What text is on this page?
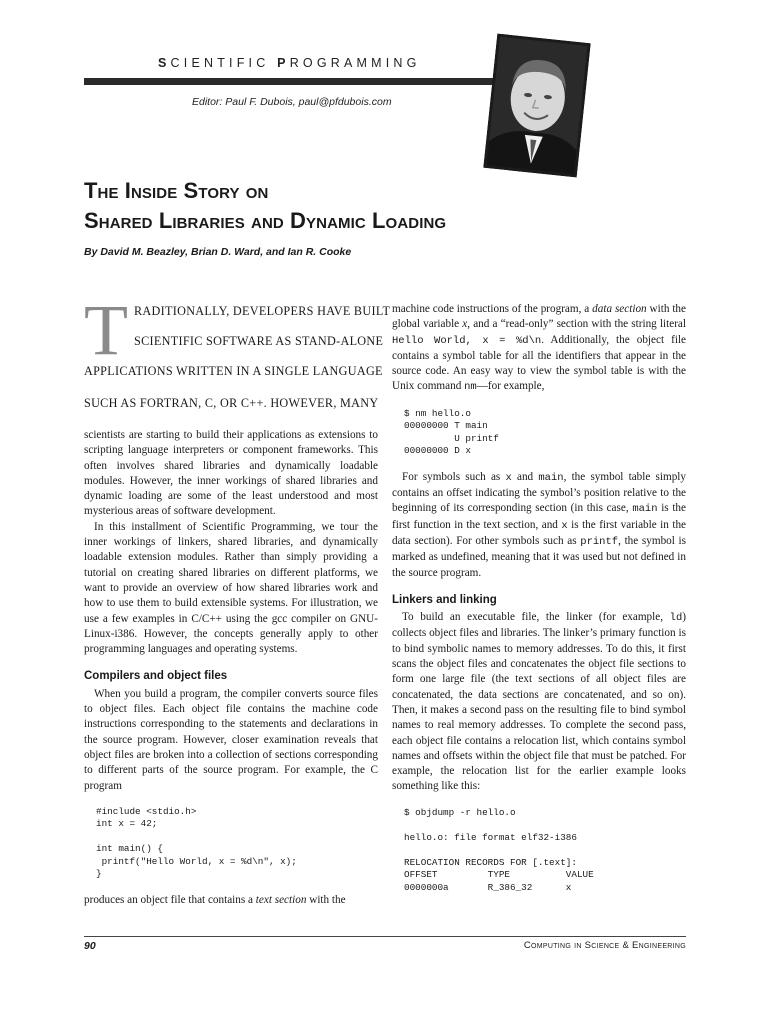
SCIENTIFIC PROGRAMMING
Editor: Paul F. Dubois, paul@pfdubois.com
The Inside Story on
Shared Libraries and Dynamic Loading
By David M. Beazley, Brian D. Ward, and Ian R. Cooke
T RADITIONALLY, DEVELOPERS HAVE BUILT
SCIENTIFIC SOFTWARE AS STAND-ALONE
APPLICATIONS WRITTEN IN A SINGLE LANGUAGE
SUCH AS FORTRAN, C, OR C++. HOWEVER, MANY

scientists are starting to build their applications as extensions to scripting language interpreters or component frameworks. This often involves shared libraries and dynamically loadable modules. However, the inner workings of shared libraries and dynamic loading are some of the least understood and most mysterious areas of software development.

In this installment of Scientific Programming, we tour the inner workings of linkers, shared libraries, and dynamically loadable extension modules. Rather than simply providing a tutorial on creating shared libraries on different platforms, we want to provide an overview of how shared libraries work and how to use them to build extensible systems. For illustration, we use a few examples in C/C++ using the gcc compiler on GNU-Linux-i386. However, the concepts generally apply to other programming languages and operating systems.

Compilers and object files

When you build a program, the compiler converts source files to object files. Each object file contains the machine code instructions corresponding to the statements and declarations in the source program. However, closer examination reveals that object files are broken into a collection of sections corresponding to different parts of the source program. For example, the C program

#include <stdio.h>
int x = 42;

int main() {
printf("Hello World, x = %d\n", x);
}

produces an object file that contains a text section with the

machine code instructions of the program, a data section with the global variable x, and a “read-only” section with the string literal Hello World, x = %d\n. Additionally, the object file contains a symbol table for all the identifiers that appear in the source code. An easy way to view the symbol table is with the Unix command nm—for example,

$ nm hello.o
00000000 T main
U printf
00000000 D x

For symbols such as x and main, the symbol table simply contains an offset indicating the symbol’s position relative to the beginning of its corresponding section (in this case, main is the first function in the text section, and x is the first variable in the data section). For other symbols such as printf, the symbol is marked as undefined, meaning that it was used but not defined in the source program.

Linkers and linking

To build an executable file, the linker (for example, ld) collects object files and libraries. The linker’s primary function is to bind symbolic names to memory addresses. To do this, it first scans the object files and concatenates the object file sections to form one large file (the text sections of all object files are concatenated, the data sections are concatenated, and so on). Then, it makes a second pass on the resulting file to bind symbol names to real memory addresses. To complete the second pass, each object file contains a relocation list, which contains symbol names and offsets within the object file that must be patched. For example, the relocation list for the earlier example looks something like this:

$ objdump -r hello.o

hello.o: file format elf32-i386

RELOCATION RECORDS FOR [.text]:
OFFSET         TYPE          VALUE
0000000a       R_386_32      x
90	Computing in Science & Engineering
